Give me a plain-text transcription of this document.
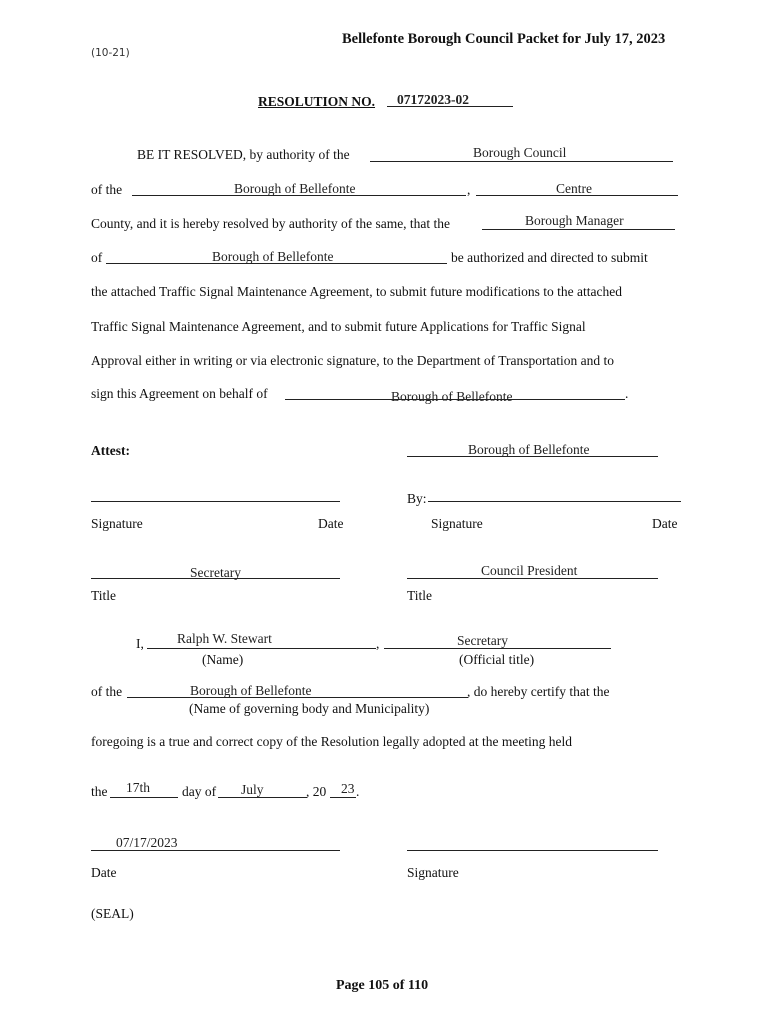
Bellefonte Borough Council Packet for July 17, 2023
(10-21)
RESOLUTION NO. 07172023-02
BE IT RESOLVED, by authority of the	Borough Council
of the	Borough of Bellefonte	,	Centre
County, and it is hereby resolved by authority of the same, that the	Borough Manager
of	Borough of Bellefonte	be authorized and directed to submit
the attached Traffic Signal Maintenance Agreement, to submit future modifications to the attached
Traffic Signal Maintenance Agreement, and to submit future Applications for Traffic Signal
Approval either in writing or via electronic signature, to the Department of Transportation and to
sign this Agreement on behalf of	Borough of Bellefonte	.
Attest:	Borough of Bellefonte
By:
Signature	Date	Signature	Date
Secretary	Council President
Title	Title
I, Ralph W. Stewart	,	Secretary
(Name)	(Official title)
of the	Borough of Bellefonte	, do hereby certify that the
(Name of governing body and Municipality)
foregoing is a true and correct copy of the Resolution legally adopted at the meeting held
the 17th day of July	, 20 23 .
07/17/2023
Date	Signature
(SEAL)
Page 105 of 110
